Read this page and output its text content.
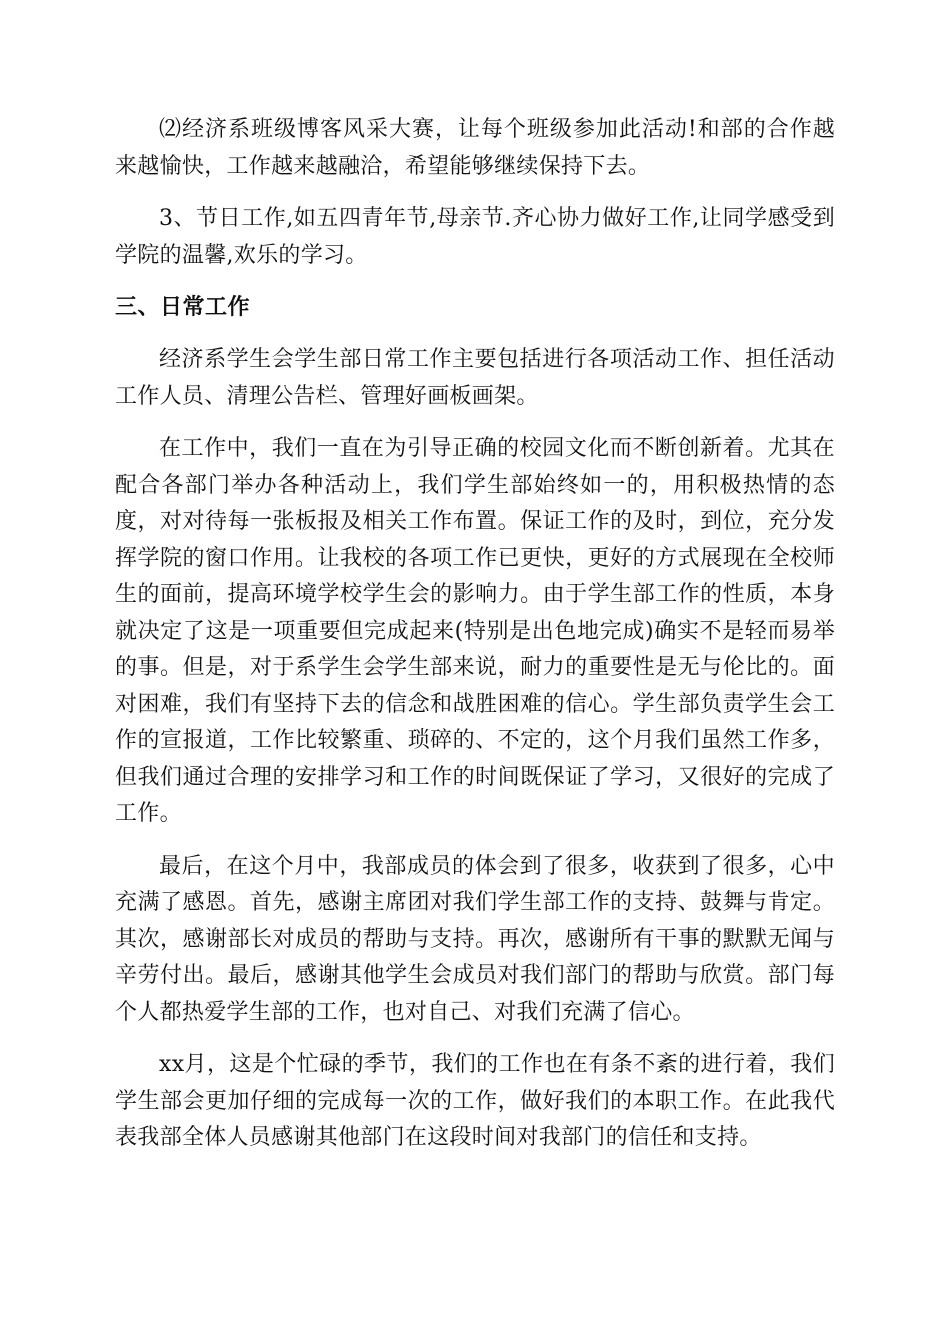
⑵经济系班级博客风采大赛，让每个班级参加此活动!和部的合作越来越愉快，工作越来越融洽，希望能够继续保持下去。

3、节日工作,如五四青年节,母亲节.齐心协力做好工作,让同学感受到学院的温馨,欢乐的学习。

三、日常工作

经济系学生会学生部日常工作主要包括进行各项活动工作、担任活动工作人员、清理公告栏、管理好画板画架。

在工作中，我们一直在为引导正确的校园文化而不断创新着。尤其在配合各部门举办各种活动上，我们学生部始终如一的，用积极热情的态度，对对待每一张板报及相关工作布置。保证工作的及时，到位，充分发挥学院的窗口作用。让我校的各项工作已更快，更好的方式展现在全校师生的面前，提高环境学校学生会的影响力。由于学生部工作的性质，本身就决定了这是一项重要但完成起来(特别是出色地完成)确实不是轻而易举的事。但是，对于系学生会学生部来说，耐力的重要性是无与伦比的。面对困难，我们有坚持下去的信念和战胜困难的信心。学生部负责学生会工作的宣报道，工作比较繁重、琐碎的、不定的，这个月我们虽然工作多，但我们通过合理的安排学习和工作的时间既保证了学习，又很好的完成了工作。

最后，在这个月中，我部成员的体会到了很多，收获到了很多，心中充满了感恩。首先，感谢主席团对我们学生部工作的支持、鼓舞与肯定。其次，感谢部长对成员的帮助与支持。再次，感谢所有干事的默默无闻与辛劳付出。最后，感谢其他学生会成员对我们部门的帮助与欣赏。部门每个人都热爱学生部的工作，也对自己、对我们充满了信心。

xx月，这是个忙碌的季节，我们的工作也在有条不紊的进行着，我们学生部会更加仔细的完成每一次的工作，做好我们的本职工作。在此我代表我部全体人员感谢其他部门在这段时间对我部门的信任和支持。
